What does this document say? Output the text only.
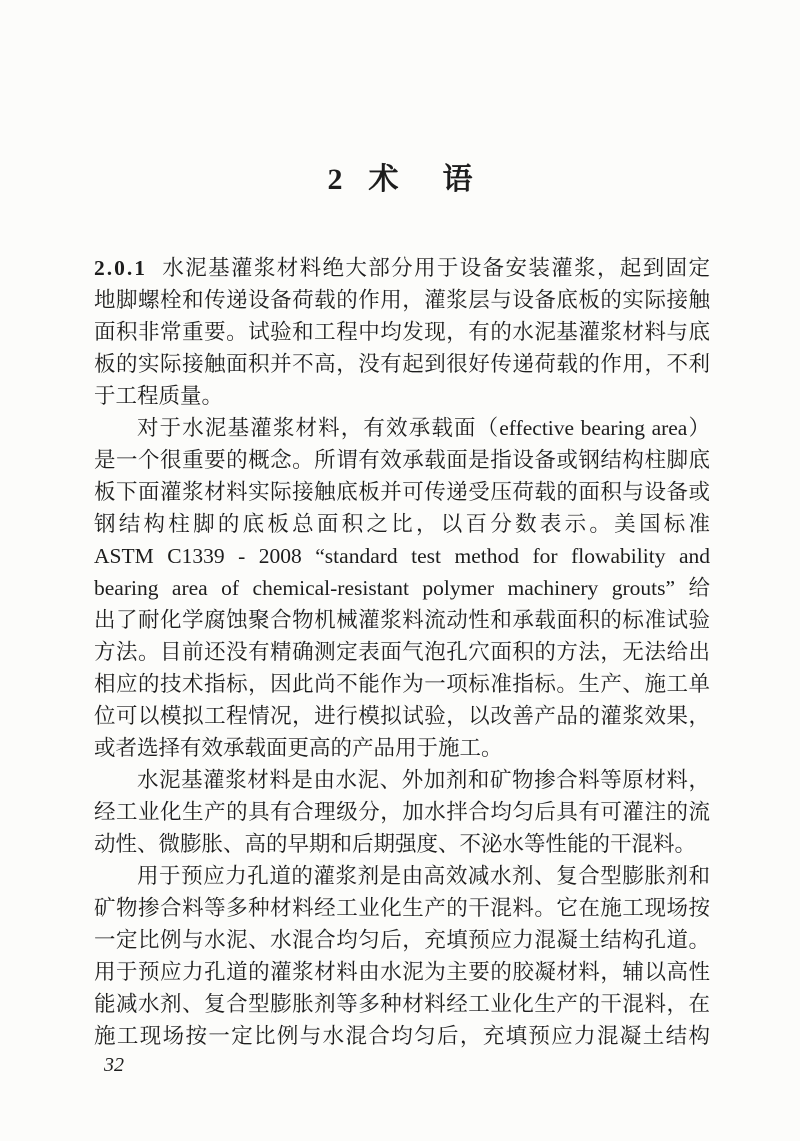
2 术 语
2.0.1 水泥基灌浆材料绝大部分用于设备安装灌浆，起到固定
地脚螺栓和传递设备荷载的作用，灌浆层与设备底板的实际接触
面积非常重要。试验和工程中均发现，有的水泥基灌浆材料与底
板的实际接触面积并不高，没有起到很好传递荷载的作用，不利
于工程质量。
对于水泥基灌浆材料，有效承载面（effective bearing area）
是一个很重要的概念。所谓有效承载面是指设备或钢结构柱脚底
板下面灌浆材料实际接触底板并可传递受压荷载的面积与设备或
钢结构柱脚的底板总面积之比，以百分数表示。美国标准
ASTM C1339 - 2008 “standard test method for flowability and
bearing area of chemical-resistant polymer machinery grouts” 给
出了耐化学腐蚀聚合物机械灌浆料流动性和承载面积的标准试验
方法。目前还没有精确测定表面气泡孔穴面积的方法，无法给出
相应的技术指标，因此尚不能作为一项标准指标。生产、施工单
位可以模拟工程情况，进行模拟试验，以改善产品的灌浆效果，
或者选择有效承载面更高的产品用于施工。
水泥基灌浆材料是由水泥、外加剂和矿物掺合料等原材料，
经工业化生产的具有合理级分，加水拌合均匀后具有可灌注的流
动性、微膨胀、高的早期和后期强度、不泌水等性能的干混料。
用于预应力孔道的灌浆剂是由高效减水剂、复合型膨胀剂和
矿物掺合料等多种材料经工业化生产的干混料。它在施工现场按
一定比例与水泥、水混合均匀后，充填预应力混凝土结构孔道。
用于预应力孔道的灌浆材料由水泥为主要的胶凝材料，辅以高性
能减水剂、复合型膨胀剂等多种材料经工业化生产的干混料，在
施工现场按一定比例与水混合均匀后，充填预应力混凝土结构
32
